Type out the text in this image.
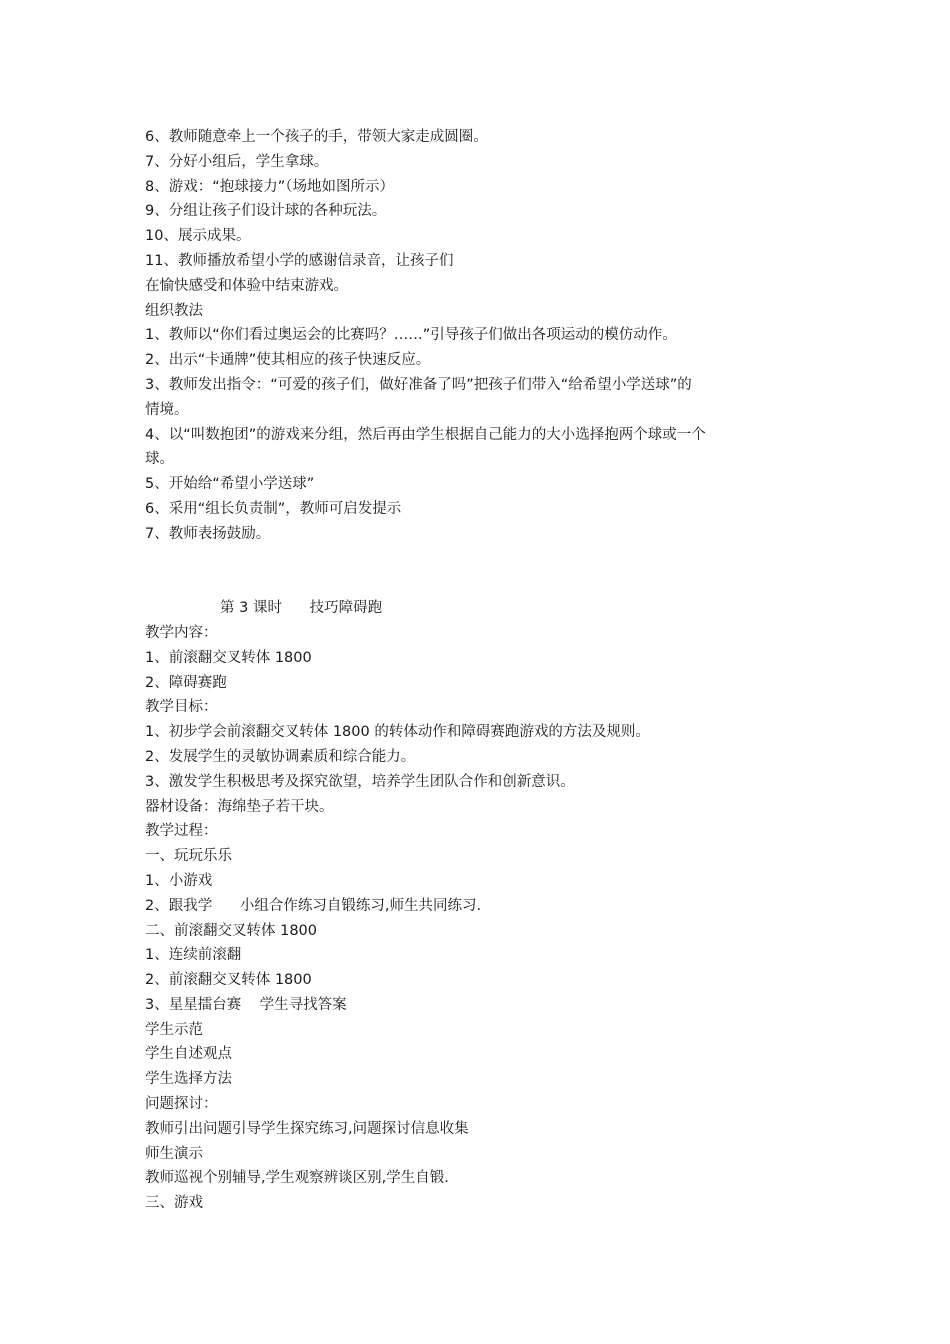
6、教师随意牵上一个孩子的手，带领大家走成圆圈。

7、分好小组后，学生拿球。

8、游戏：“抱球接力”（场地如图所示）

9、分组让孩子们设计球的各种玩法。

10、展示成果。

11、教师播放希望小学的感谢信录音，让孩子们

在愉快感受和体验中结束游戏。

组织教法

1、教师以“你们看过奥运会的比赛吗？……”引导孩子们做出各项运动的模仿动作。

2、出示“卡通牌”使其相应的孩子快速反应。

3、教师发出指令：“可爱的孩子们，做好准备了吗”把孩子们带入“给希望小学送球”的

情境。

4、以“叫数抱团”的游戏来分组，然后再由学生根据自己能力的大小选择抱两个球或一个

球。

5、开始给“希望小学送球”

6、采用“组长负责制”，教师可启发提示

7、教师表扬鼓励。

第 3 课时      技巧障碍跑

教学内容：

1、前滚翻交叉转体 1800

2、障碍赛跑

教学目标：

1、初步学会前滚翻交叉转体 1800 的转体动作和障碍赛跑游戏的方法及规则。

2、发展学生的灵敏协调素质和综合能力。

3、激发学生积极思考及探究欲望，培养学生团队合作和创新意识。

器材设备：海绵垫子若干块。

教学过程：

一、玩玩乐乐

1、小游戏

2、跟我学      小组合作练习自锻练习,师生共同练习.

二、前滚翻交叉转体 1800

1、连续前滚翻

2、前滚翻交叉转体 1800

3、星星擂台赛    学生寻找答案

学生示范

学生自述观点

学生选择方法

问题探讨：

教师引出问题引导学生探究练习,问题探讨信息收集

师生演示

教师巡视个别辅导,学生观察辨谈区别,学生自锻.

三、游戏
